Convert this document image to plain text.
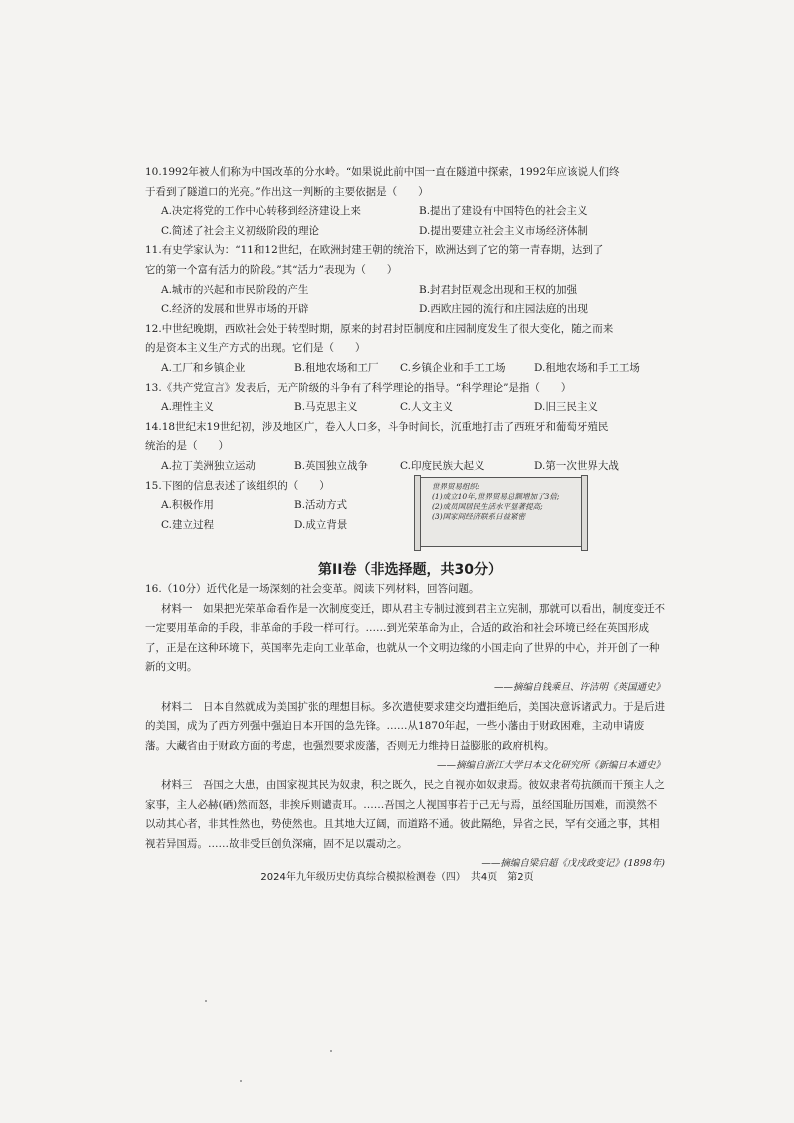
10.1992年被人们称为中国改革的分水岭。“如果说此前中国一直在隧道中探索，1992年应该说人们终

于看到了隧道口的光亮。”作出这一判断的主要依据是（　　）

A.决定将党的工作中心转移到经济建设上来	B.提出了建设有中国特色的社会主义
C.简述了社会主义初级阶段的理论	D.提出要建立社会主义市场经济体制

11.有史学家认为：“11和12世纪，在欧洲封建王朝的统治下，欧洲达到了它的第一青春期，达到了

它的第一个富有活力的阶段。”其“活力”表现为（　　）

A.城市的兴起和市民阶段的产生	B.封君封臣观念出现和王权的加强
C.经济的发展和世界市场的开辟	D.西欧庄园的流行和庄园法庭的出现

12.中世纪晚期，西欧社会处于转型时期，原来的封君封臣制度和庄园制度发生了很大变化，随之而来

的是资本主义生产方式的出现。它们是（　　）

A.工厂和乡镇企业	B.租地农场和工厂	C.乡镇企业和手工工场	D.租地农场和手工工场

13.《共产党宣言》发表后，无产阶级的斗争有了科学理论的指导。“科学理论”是指（　　）

A.理性主义	B.马克思主义	C.人文主义	D.旧三民主义

14.18世纪末19世纪初，涉及地区广，卷入人口多，斗争时间长，沉重地打击了西班牙和葡萄牙殖民

统治的是（　　）

A.拉丁美洲独立运动	B.英国独立战争	C.印度民族大起义	D.第一次世界大战

15.下图的信息表述了该组织的（　　）

A.积极作用	B.活动方式
C.建立过程	D.成立背景
世界贸易组织:
(1)成立10年,世界贸易总额增加了3倍;
(2)成员国居民生活水平显著提高;
(3)国家间经济联系日益紧密

第II卷（非选择题，共30分）

16.（10分）近代化是一场深刻的社会变革。阅读下列材料，回答问题。

材料一　如果把光荣革命看作是一次制度变迁，即从君主专制过渡到君主立宪制，那就可以看出，制度变迁不一定要用革命的手段，非革命的手段一样可行。……到光荣革命为止，合适的政治和社会环境已经在英国形成了，正是在这种环境下，英国率先走向工业革命，也就从一个文明边缘的小国走向了世界的中心，并开创了一种新的文明。

——摘编自钱乘旦、许洁明《英国通史》

材料二　日本自然就成为美国扩张的理想目标。多次遣使要求建交均遭拒绝后，美国决意诉诸武力。于是后进的美国，成为了西方列强中强迫日本开国的急先锋。……从1870年起，一些小藩由于财政困难，主动申请废藩。大藏省由于财政方面的考虑，也强烈要求废藩，否则无力维持日益膨胀的政府机构。

——摘编自浙江大学日本文化研究所《新编日本通史》

材料三　吾国之大患，由国家视其民为奴隶，积之既久，民之自视亦如奴隶焉。彼奴隶者苟抗颜而干预主人之家事，主人必赫(硒)然而怒，非挨斥则谴责耳。……吾国之人视国事若于己无与焉，虽经国耻历国难，而漠然不以动其心者，非其性然也，势使然也。且其地大辽阔，而道路不通。彼此隔绝，异省之民，罕有交通之事，其相视若异国焉。……故非受巨创负深痛，固不足以震动之。

——摘编自梁启超《戊戌政变记》(1898年)

2024年九年级历史仿真综合模拟检测卷（四）　共4页　第2页
